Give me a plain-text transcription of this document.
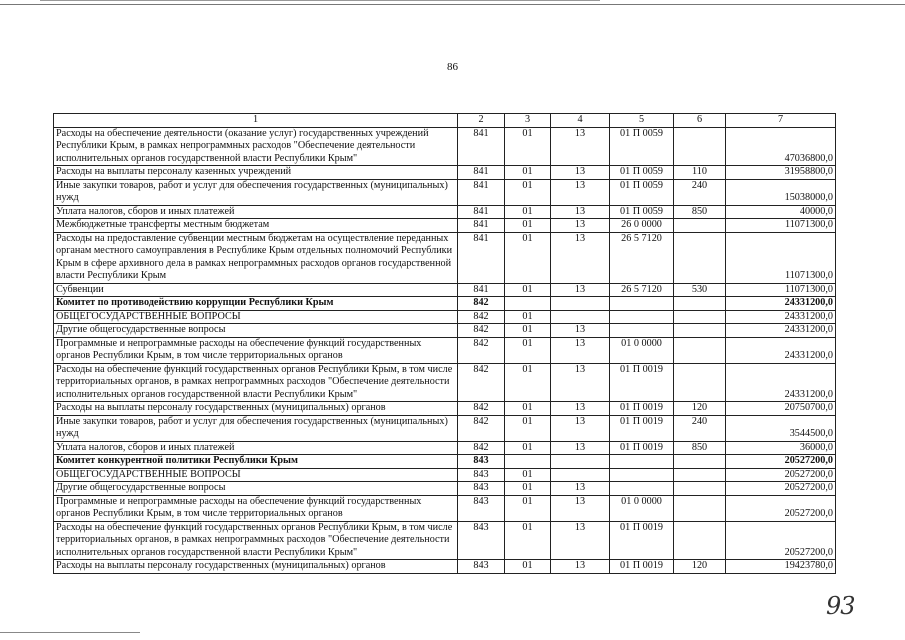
86
1	2	3	4	5	6	7
Расходы на обеспечение деятельности (оказание услуг) государственных учреждений Республики Крым, в рамках непрограммных расходов "Обеспечение деятельности исполнительных органов государственной власти Республики Крым"	841	01	13	01 П 0059		47036800,0
Расходы на выплаты персоналу казенных учреждений	841	01	13	01 П 0059	110	31958800,0
Иные закупки товаров, работ и услуг для обеспечения государственных (муниципальных) нужд	841	01	13	01 П 0059	240	15038000,0
Уплата налогов, сборов и иных платежей	841	01	13	01 П 0059	850	40000,0
Межбюджетные трансферты местным бюджетам	841	01	13	26 0 0000		11071300,0
Расходы на предоставление субвенции местным бюджетам на осуществление переданных органам местного самоуправления в Республике Крым отдельных полномочий Республики Крым в сфере архивного дела в рамках непрограммных расходов органов государственной власти Республики Крым	841	01	13	26 5 7120		11071300,0
Субвенции	841	01	13	26 5 7120	530	11071300,0
Комитет по противодействию коррупции Республики Крым	842					24331200,0
ОБЩЕГОСУДАРСТВЕННЫЕ ВОПРОСЫ	842	01				24331200,0
Другие общегосударственные вопросы	842	01	13			24331200,0
Программные и непрограммные расходы на обеспечение функций государственных органов Республики Крым, в том числе территориальных органов	842	01	13	01 0 0000		24331200,0
Расходы на обеспечение функций государственных органов Республики Крым, в том числе территориальных органов, в рамках непрограммных расходов "Обеспечение деятельности исполнительных органов государственной власти Республики Крым"	842	01	13	01 П 0019		24331200,0
Расходы на выплаты персоналу государственных (муниципальных) органов	842	01	13	01 П 0019	120	20750700,0
Иные закупки товаров, работ и услуг для обеспечения государственных (муниципальных) нужд	842	01	13	01 П 0019	240	3544500,0
Уплата налогов, сборов и иных платежей	842	01	13	01 П 0019	850	36000,0
Комитет конкурентной политики Республики Крым	843					20527200,0
ОБЩЕГОСУДАРСТВЕННЫЕ ВОПРОСЫ	843	01				20527200,0
Другие общегосударственные вопросы	843	01	13			20527200,0
Программные и непрограммные расходы на обеспечение функций государственных органов Республики Крым, в том числе территориальных органов	843	01	13	01 0 0000		20527200,0
Расходы на обеспечение функций государственных органов Республики Крым, в том числе территориальных органов, в рамках непрограммных расходов "Обеспечение деятельности исполнительных органов государственной власти Республики Крым"	843	01	13	01 П 0019		20527200,0
Расходы на выплаты персоналу государственных (муниципальных) органов	843	01	13	01 П 0019	120	19423780,0
93
